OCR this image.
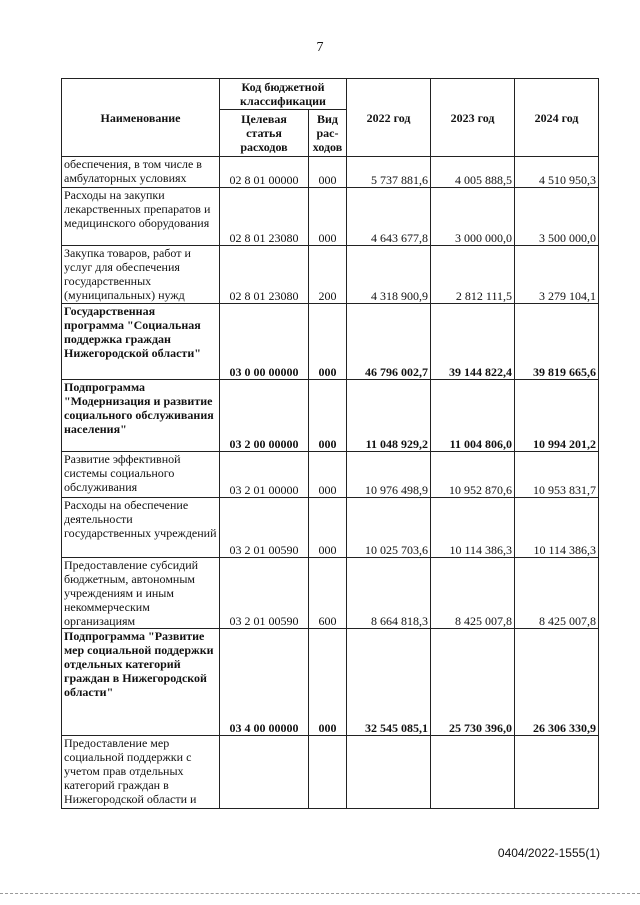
7
Наименование	Код бюджетной классификации		2022 год	2023 год	2024 год
	Целевая статья расходов	Вид рас-ходов			
обеспечения, в том числе в амбулаторных условиях	02 8 01 00000	000	5 737 881,6	4 005 888,5	4 510 950,3
Расходы на закупки лекарственных препаратов и медицинского оборудования	02 8 01 23080	000	4 643 677,8	3 000 000,0	3 500 000,0
Закупка товаров, работ и услуг для обеспечения государственных (муниципальных) нужд	02 8 01 23080	200	4 318 900,9	2 812 111,5	3 279 104,1
Государственная программа "Социальная поддержка граждан Нижегородской области"	03 0 00 00000	000	46 796 002,7	39 144 822,4	39 819 665,6
Подпрограмма "Модернизация и развитие социального обслуживания населения"	03 2 00 00000	000	11 048 929,2	11 004 806,0	10 994 201,2
Развитие эффективной системы социального обслуживания	03 2 01 00000	000	10 976 498,9	10 952 870,6	10 953 831,7
Расходы на обеспечение деятельности государственных учреждений	03 2 01 00590	000	10 025 703,6	10 114 386,3	10 114 386,3
Предоставление субсидий бюджетным, автономным учреждениям и иным некоммерческим организациям	03 2 01 00590	600	8 664 818,3	8 425 007,8	8 425 007,8
Подпрограмма "Развитие мер социальной поддержки отдельных категорий граждан в Нижегородской области"	03 4 00 00000	000	32 545 085,1	25 730 396,0	26 306 330,9
Предоставление мер социальной поддержки с учетом прав отдельных категорий граждан в Нижегородской области и					
0404/2022-1555(1)
